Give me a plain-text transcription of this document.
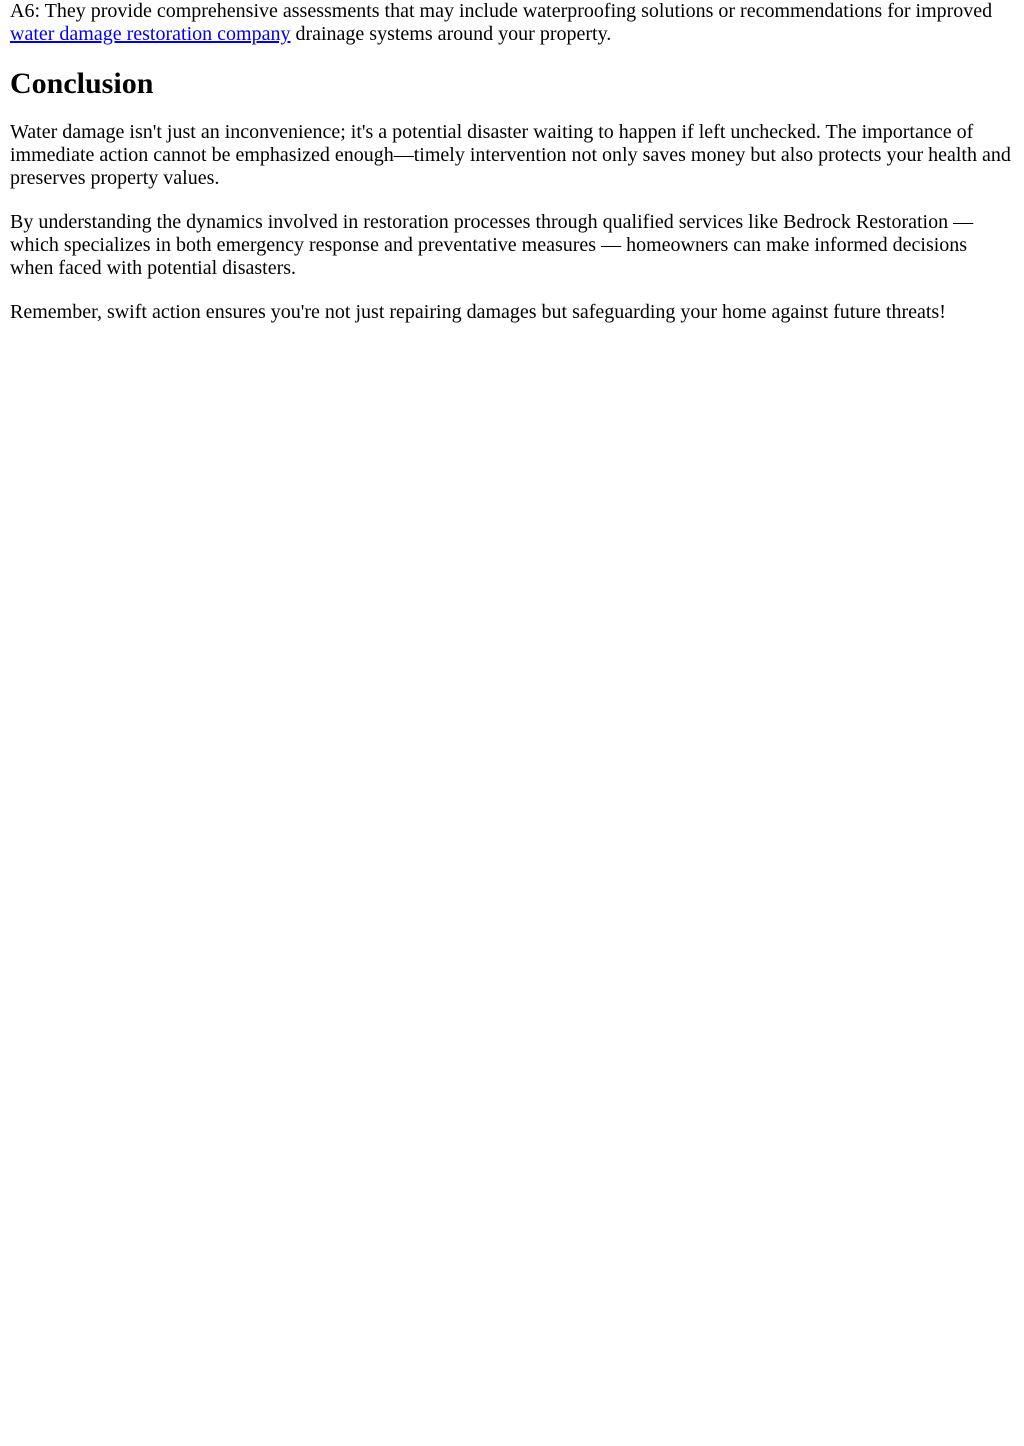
A6: They provide comprehensive assessments that may include waterproofing solutions or recommendations for improved water damage restoration company drainage systems around your property.

Conclusion

Water damage isn't just an inconvenience; it's a potential disaster waiting to happen if left unchecked. The importance of immediate action cannot be emphasized enough—timely intervention not only saves money but also protects your health and preserves property values.

By understanding the dynamics involved in restoration processes through qualified services like Bedrock Restoration — which specializes in both emergency response and preventative measures — homeowners can make informed decisions when faced with potential disasters.

Remember, swift action ensures you're not just repairing damages but safeguarding your home against future threats!
